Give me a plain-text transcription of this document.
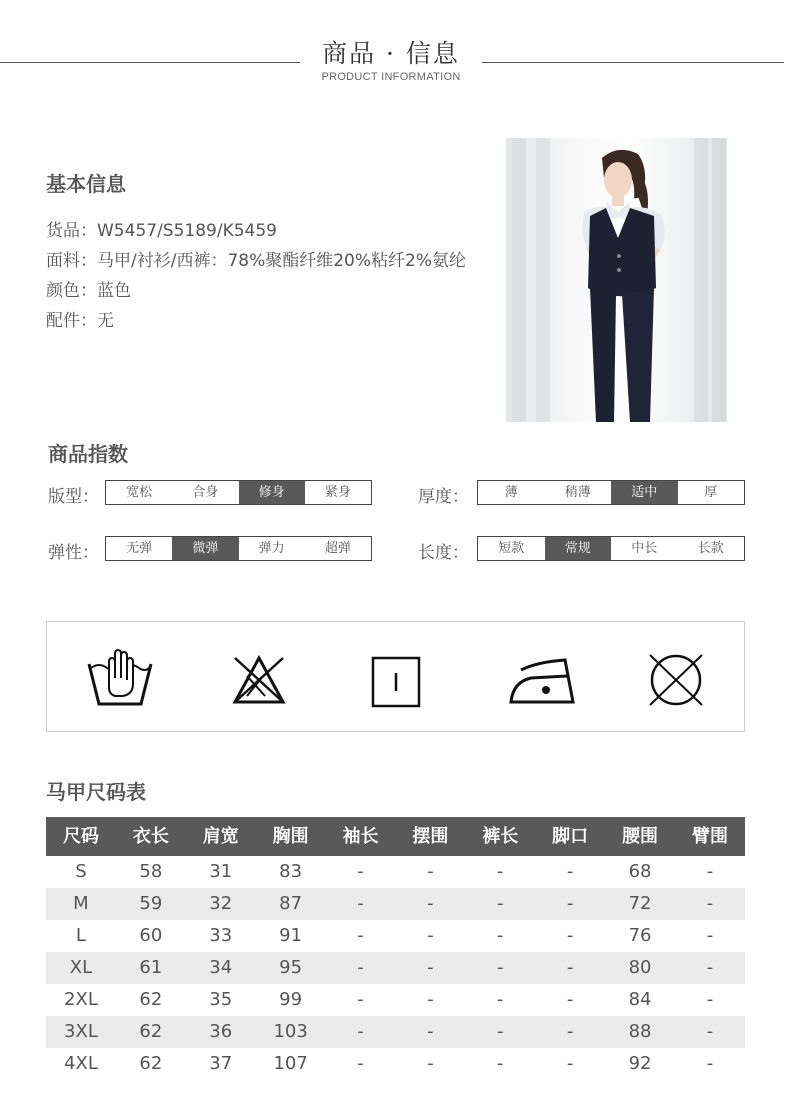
商品 · 信息
PRODUCT INFORMATION
基本信息
货品：W5457/S5189/K5459
面料：马甲/衬衫/西裤：78%聚酯纤维20%粘纤2%氨纶
颜色：蓝色
配件：无
商品指数
版型：	宽松	合身	修身	紧身	厚度：	薄	稍薄	适中	厚
弹性：	无弹	微弹	弹力	超弹	长度：	短款	常规	中长	长款
马甲尺码表
尺码	衣长	肩宽	胸围	袖长	摆围	裤长	脚口	腰围	臂围
S	58	31	83	-	-	-	-	68	-
M	59	32	87	-	-	-	-	72	-
L	60	33	91	-	-	-	-	76	-
XL	61	34	95	-	-	-	-	80	-
2XL	62	35	99	-	-	-	-	84	-
3XL	62	36	103	-	-	-	-	88	-
4XL	62	37	107	-	-	-	-	92	-
